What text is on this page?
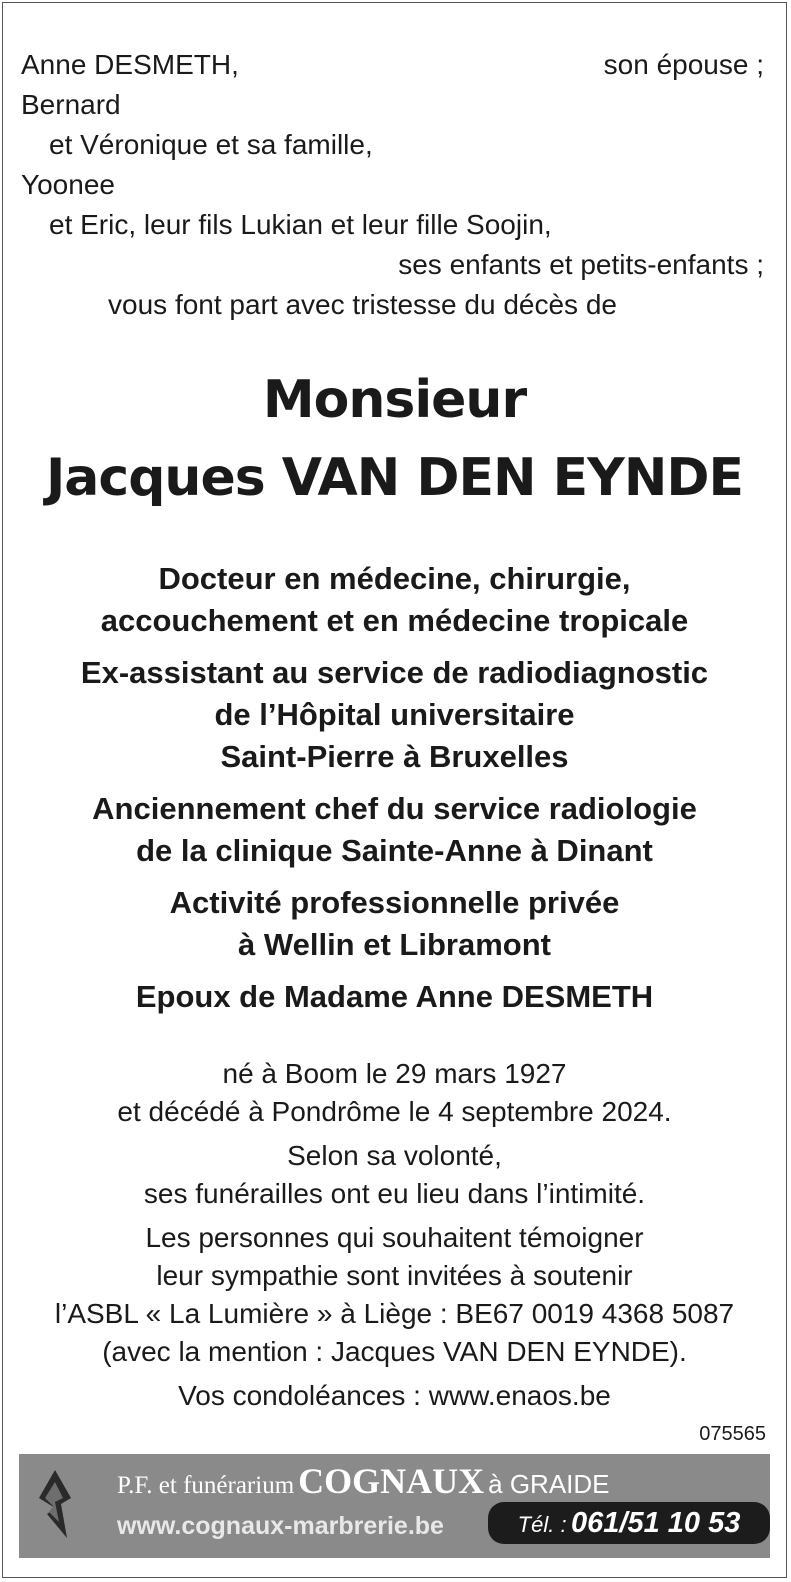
Anne DESMETH,	son épouse ;
Bernard
et Véronique et sa famille,
Yoonee
et Eric, leur fils Lukian et leur fille Soojin,
ses enfants et petits-enfants ;
vous font part avec tristesse du décès de
Monsieur
Jacques VAN DEN EYNDE
Docteur en médecine, chirurgie,
accouchement et en médecine tropicale
Ex-assistant au service de radiodiagnostic
de l’Hôpital universitaire
Saint-Pierre à Bruxelles
Anciennement chef du service radiologie
de la clinique Sainte-Anne à Dinant
Activité professionnelle privée
à Wellin et Libramont
Epoux de Madame Anne DESMETH
né à Boom le 29 mars 1927
et décédé à Pondrôme le 4 septembre 2024.
Selon sa volonté,
ses funérailles ont eu lieu dans l’intimité.
Les personnes qui souhaitent témoigner
leur sympathie sont invitées à soutenir
l’ASBL « La Lumière » à Liège : BE67 0019 4368 5087
(avec la mention : Jacques VAN DEN EYNDE).
Vos condoléances : www.enaos.be
075565
P.F. et funérarium COGNAUX à GRAIDE
www.cognaux-marbrerie.be	Tél. : 061/51 10 53
